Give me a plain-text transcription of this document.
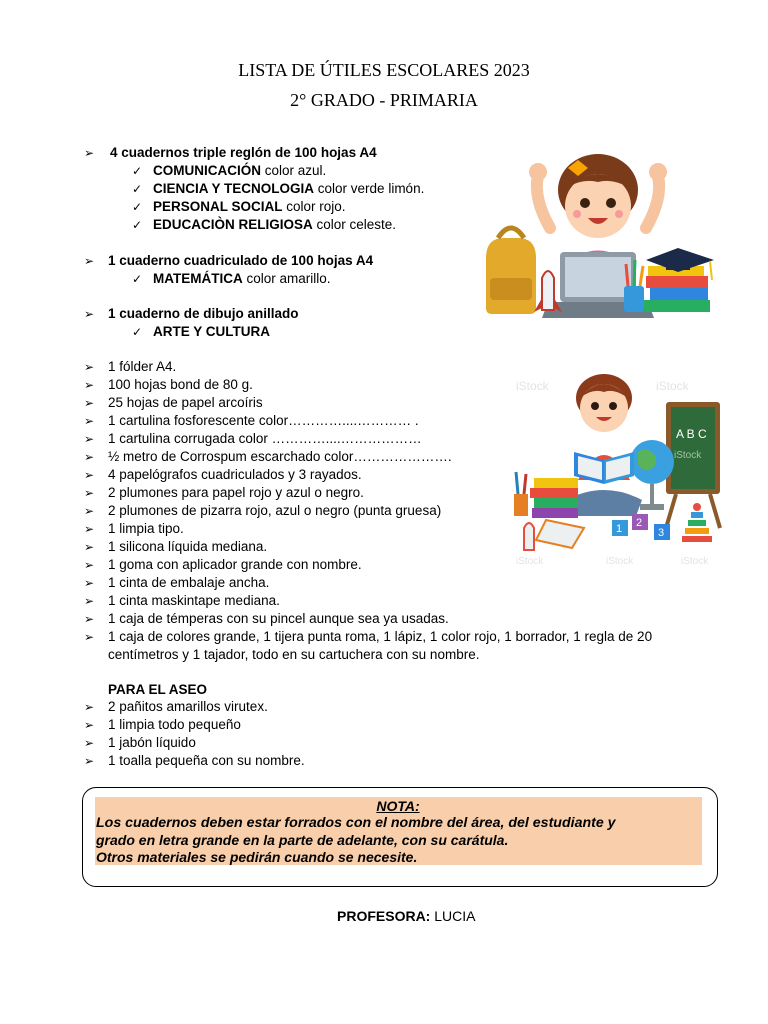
LISTA DE ÚTILES ESCOLARES 2023
2° GRADO - PRIMARIA
➢ 4 cuadernos triple reglón de 100 hojas A4
✓ COMUNICACIÓN color azul.
✓ CIENCIA Y TECNOLOGIA color verde limón.
✓ PERSONAL SOCIAL color rojo.
✓ EDUCACIÒN RELIGIOSA color celeste.
➢ 1 cuaderno cuadriculado de 100 hojas A4
✓ MATEMÁTICA color amarillo.
➢ 1 cuaderno de dibujo anillado
✓ ARTE Y CULTURA
➢ 1 fólder A4.
➢ 100 hojas bond de 80 g.
➢ 25 hojas de papel arcoíris
➢ 1 cartulina fosforescente color…………....………… .
➢ 1 cartulina corrugada color …………....………………
➢ ½ metro de Corrospum escarchado color………………….
➢ 4 papelógrafos cuadriculados y 3 rayados.
➢ 2 plumones para papel rojo y azul o negro.
➢ 2 plumones de pizarra rojo, azul o negro (punta gruesa)
➢ 1 limpia tipo.
➢ 1 silicona líquida mediana.
➢ 1 goma con aplicador grande con nombre.
➢ 1 cinta de embalaje ancha.
➢ 1 cinta maskintape mediana.
➢ 1 caja de témperas con su pincel aunque sea ya usadas.
➢ 1 caja de colores grande, 1 tijera punta roma, 1 lápiz, 1 color rojo, 1 borrador, 1 regla de 20
centímetros y 1 tajador, todo en su cartuchera con su nombre.
PARA EL ASEO
➢ 2 pañitos amarillos virutex.
➢ 1 limpia todo pequeño
➢ 1 jabón líquido
➢ 1 toalla pequeña con su nombre.
NOTA:
Los cuadernos deben estar forrados con el nombre del área, del estudiante y
grado en letra grande en la parte de adelante, con su carátula.
Otros materiales se pedirán cuando se necesite.
PROFESORA: LUCIA
iStock	iStock
A B C
iStock
1 2
3
iStock	iStock	iStock
